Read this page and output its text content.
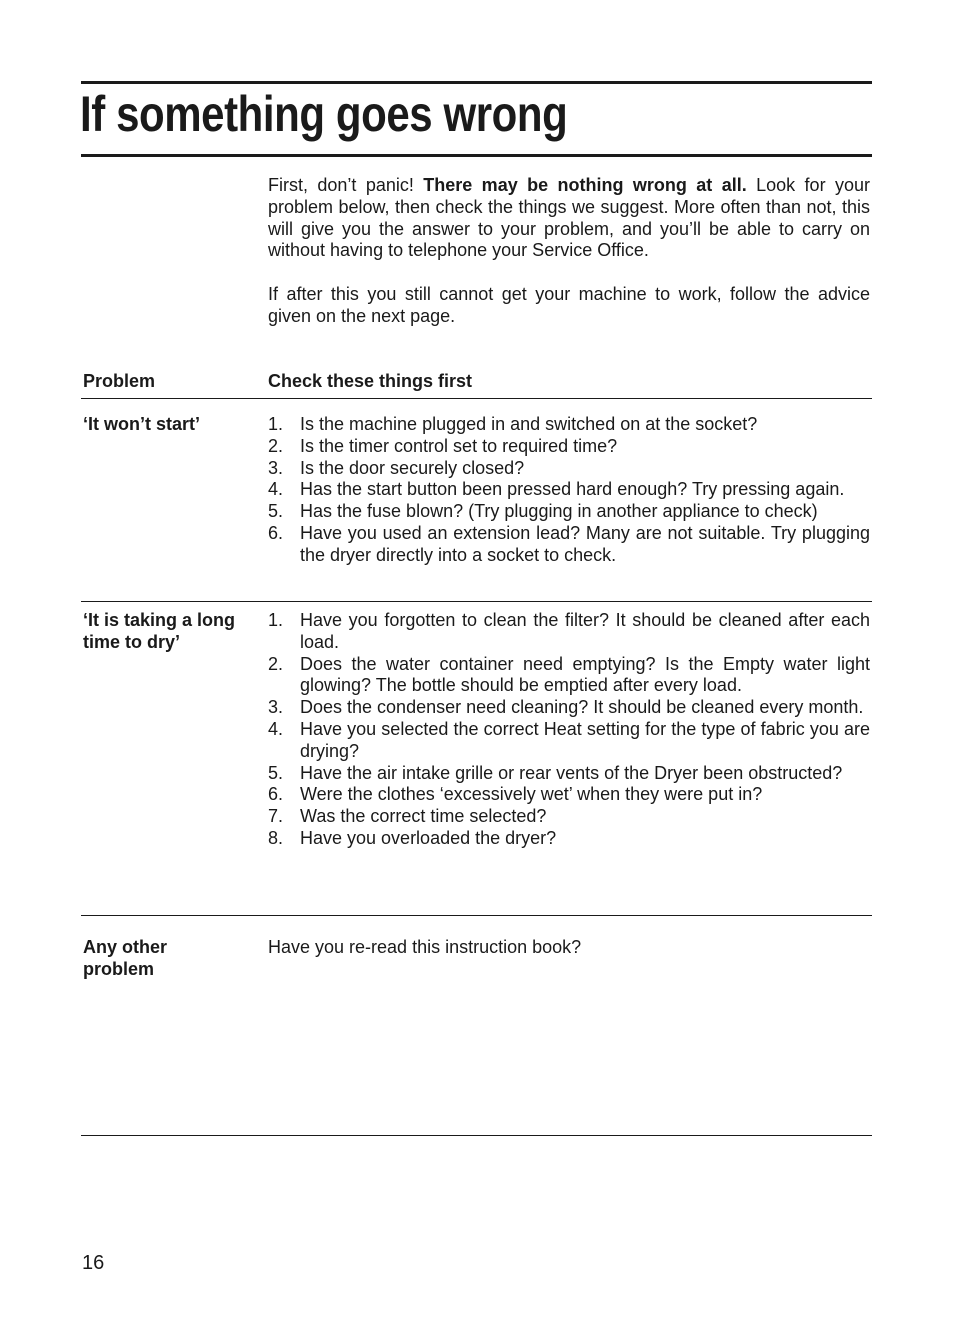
If something goes wrong

First, don’t panic! There may be nothing wrong at all. Look for your problem below, then check the things we suggest. More often than not, this will give you the answer to your problem, and you’ll be able to carry on without having to telephone your Service Office.

If after this you still cannot get your machine to work, follow the advice given on the next page.

Problem	Check these things first
‘It won’t start’	1. Is the machine plugged in and switched on at the socket?
2. Is the timer control set to required time?
3. Is the door securely closed?
4. Has the start button been pressed hard enough? Try pressing again.
5. Has the fuse blown? (Try plugging in another appliance to check)
6. Have you used an extension lead? Many are not suitable. Try plugging the dryer directly into a socket to check.
‘It is taking a long time to dry’
1. Have you forgotten to clean the filter? It should be cleaned after each load.
2. Does the water container need emptying? Is the Empty water light glowing? The bottle should be emptied after every load.
3. Does the condenser need cleaning? It should be cleaned every month.
4. Have you selected the correct Heat setting for the type of fabric you are drying?
5. Have the air intake grille or rear vents of the Dryer been obstructed?
6. Were the clothes ‘excessively wet’ when they were put in?
7. Was the correct time selected?
8. Have you overloaded the dryer?
Any other problem
Have you re-read this instruction book?
16
